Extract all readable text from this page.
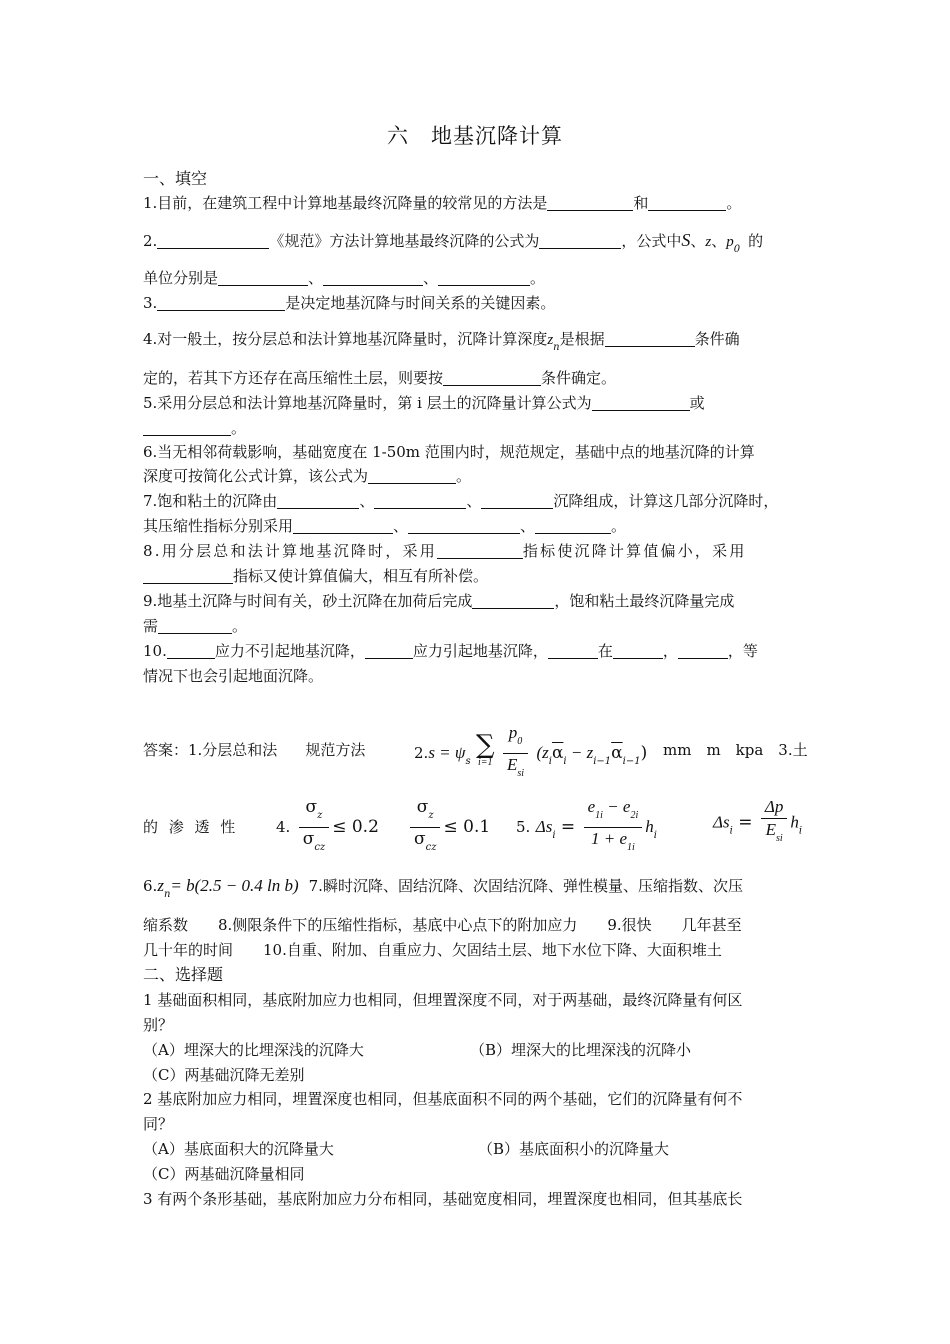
六　地基沉降计算
一、填空
1.目前，在建筑工程中计算地基最终沉降量的较常见的方法是	和	。
2.	《规范》方法计算地基最终沉降的公式为	，公式中S、z、$p_0$ 的
单位分别是	、	、	。
3.	是决定地基沉降与时间关系的关键因素。
4.对一般土，按分层总和法计算地基沉降量时，沉降计算深度$z_n$是根据	条件确
定的，若其下方还存在高压缩性土层，则要按	条件确定。
5.采用分层总和法计算地基沉降量时，第 i 层土的沉降量计算公式为	或
。
6.当无相邻荷载影响，基础宽度在 1-50m 范围内时，规范规定，基础中点的地基沉降的计算
深度可按简化公式计算，该公式为	。
7.饱和粘土的沉降由	、	、	沉降组成，计算这几部分沉降时，
其压缩性指标分别采用	、	、	。
8.用分层总和法计算地基沉降时，采用	指标使沉降计算值偏小，采用
指标又使计算值偏大，相互有所补偿。
9.地基土沉降与时间有关，砂土沉降在加荷后完成	，饱和粘土最终沉降量完成
需	。
10.	应力不引起地基沉降，	应力引起地基沉降，	在	，	，等
情况下也会引起地面沉降。
答案：1.分层总和法 规范方法	$2.s = \psi_s$
∑
i=1
$\frac{p_0}{E_{si}} (z_i\overline{\alpha}_i - z_{i-1}\overline{\alpha}_{i-1})$ mm　m　kpa　3.土
的 渗 透 性	4. $\frac{\sigma_z}{\sigma_{cz}} \le 0.2 \frac{\sigma_z}{\sigma_{cz}} \le 0.1$ 5. $\Delta s_i = \frac{e_{1i} - e_{2i}}{1 + e_{1i}} h_i$
$\Delta s_i = \frac{\Delta p}{E_{si}} h_i$
$6.z_n= b(2.5 - 0.4$ ln b) 7.瞬时沉降、固结沉降、次固结沉降、弹性模量、压缩指数、次压
缩系数　　8.侧限条件下的压缩性指标，基底中心点下的附加应力　　9.很快　　几年甚至
几十年的时间　　10.自重、附加、自重应力、欠固结土层、地下水位下降、大面积堆土
二、选择题
1 基础面积相同，基底附加应力也相同，但埋置深度不同，对于两基础，最终沉降量有何区
别？
（A）埋深大的比埋深浅的沉降大	（B）埋深大的比埋深浅的沉降小
（C）两基础沉降无差别
2 基底附加应力相同，埋置深度也相同，但基底面积不同的两个基础，它们的沉降量有何不
同？
（A）基底面积大的沉降量大	（B）基底面积小的沉降量大
（C）两基础沉降量相同
3 有两个条形基础，基底附加应力分布相同，基础宽度相同，埋置深度也相同，但其基底长
